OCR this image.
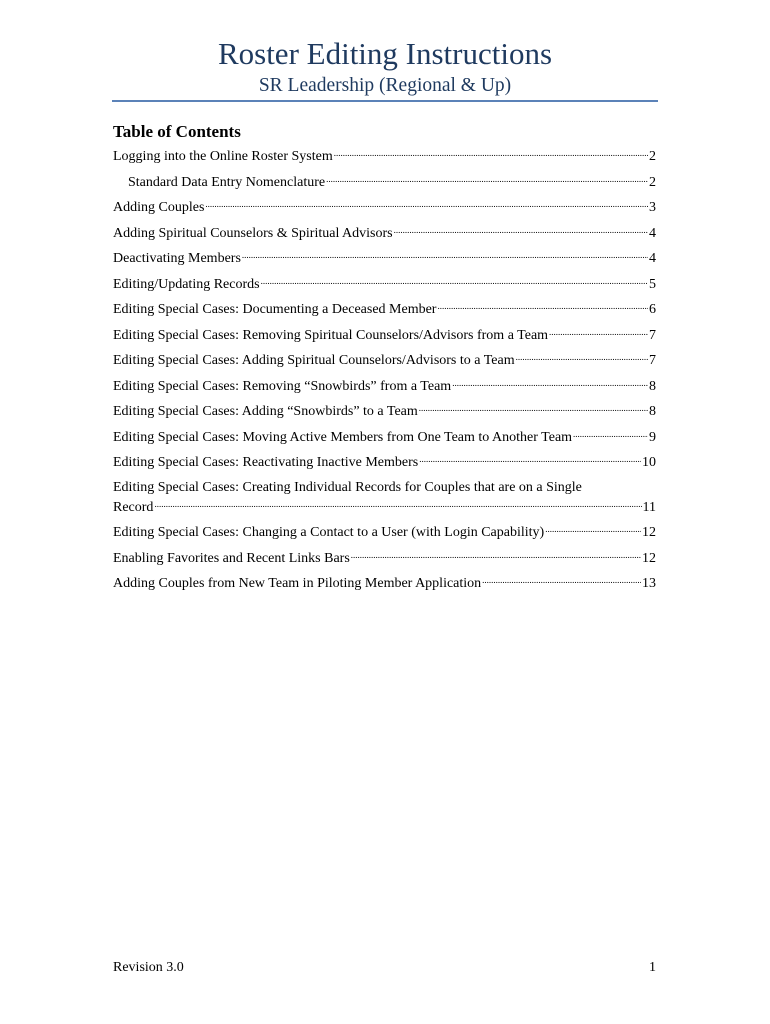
Roster Editing Instructions
SR Leadership (Regional & Up)
Table of Contents
Logging into the Online Roster System .....	2
Standard Data Entry Nomenclature .....	2
Adding Couples .....	3
Adding Spiritual Counselors & Spiritual Advisors .....	4
Deactivating Members .....	4
Editing/Updating Records .....	5
Editing Special Cases: Documenting a Deceased Member .....	6
Editing Special Cases: Removing Spiritual Counselors/Advisors from a Team .....	7
Editing Special Cases: Adding Spiritual Counselors/Advisors to a Team .....	7
Editing Special Cases: Removing “Snowbirds” from a Team .....	8
Editing Special Cases: Adding “Snowbirds” to a Team .....	8
Editing Special Cases: Moving Active Members from One Team to Another Team .....	9
Editing Special Cases: Reactivating Inactive Members .....	10
Editing Special Cases: Creating Individual Records for Couples that are on a Single
Record .....	11
Editing Special Cases: Changing a Contact to a User (with Login Capability) .....	12
Enabling Favorites and Recent Links Bars .....	12
Adding Couples from New Team in Piloting Member Application .....	13
Revision 3.0	1
